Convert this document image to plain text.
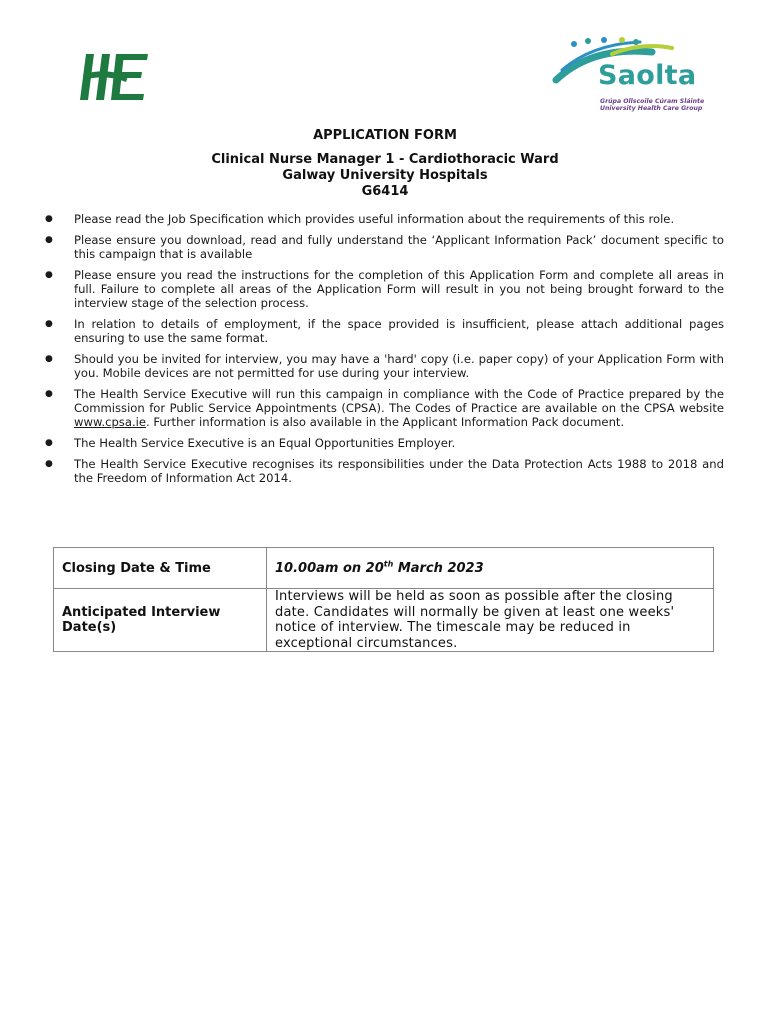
Saolta
Grúpa Ollscoile Cúram Sláinte
University Health Care Group
APPLICATION FORM
Clinical Nurse Manager 1 - Cardiothoracic Ward
Galway University Hospitals
G6414
● Please read the Job Specification which provides useful information about the requirements of this role.
● Please ensure you download, read and fully understand the ‘Applicant Information Pack’ document specific to this campaign that is available
● Please ensure you read the instructions for the completion of this Application Form and complete all areas in full. Failure to complete all areas of the Application Form will result in you not being brought forward to the interview stage of the selection process.
● In relation to details of employment, if the space provided is insufficient, please attach additional pages ensuring to use the same format.
● Should you be invited for interview, you may have a 'hard' copy (i.e. paper copy) of your Application Form with you. Mobile devices are not permitted for use during your interview.
● The Health Service Executive will run this campaign in compliance with the Code of Practice prepared by the Commission for Public Service Appointments (CPSA). The Codes of Practice are available on the CPSA website www.cpsa.ie. Further information is also available in the Applicant Information Pack document.
● The Health Service Executive is an Equal Opportunities Employer.
● The Health Service Executive recognises its responsibilities under the Data Protection Acts 1988 to 2018 and the Freedom of Information Act 2014.
Closing Date & Time	10.00am on 20th March 2023
Anticipated Interview Date(s)	Interviews will be held as soon as possible after the closing date. Candidates will normally be given at least one weeks' notice of interview. The timescale may be reduced in exceptional circumstances.
